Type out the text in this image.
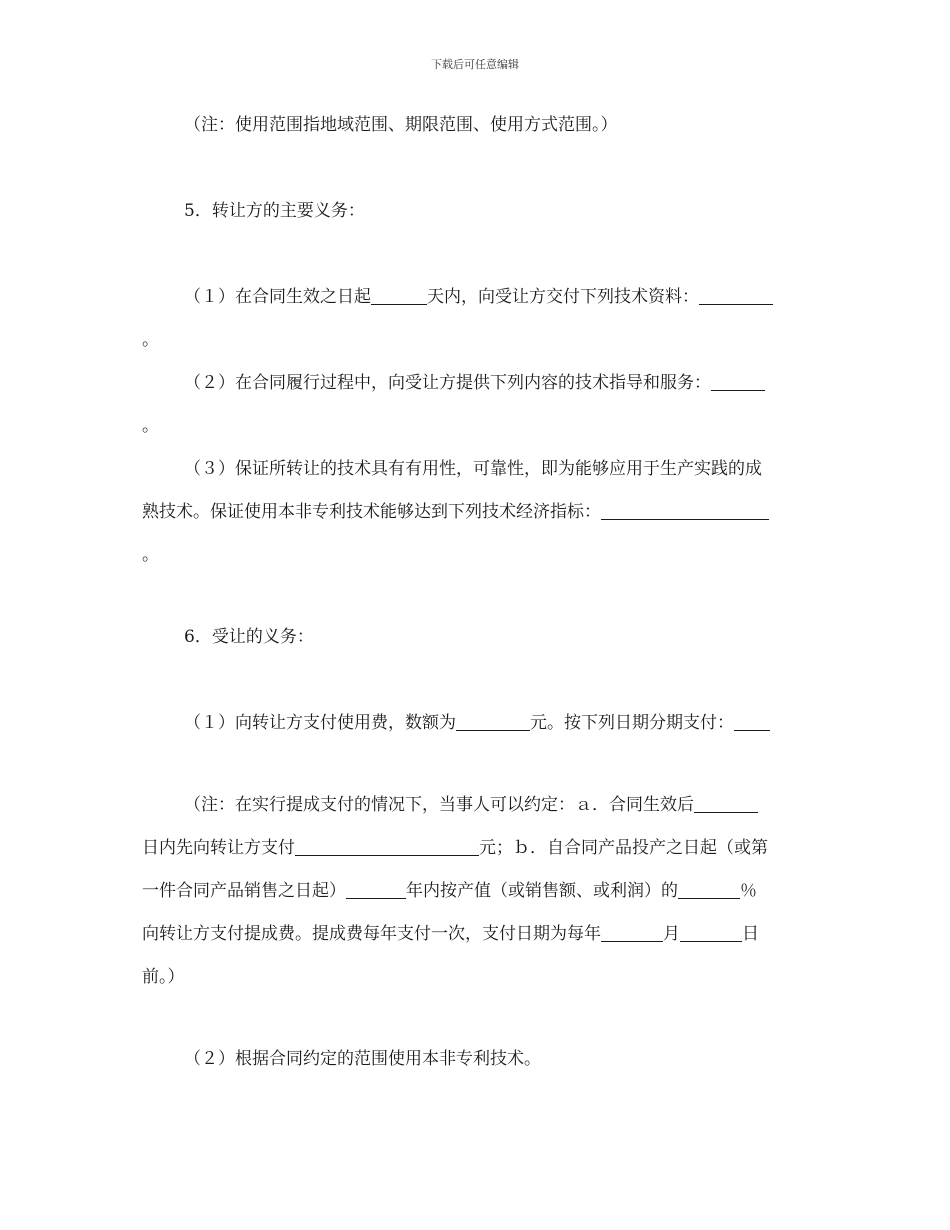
下载后可任意编辑
（注：使用范围指地域范围、期限范围、使用方式范围。）
5．转让方的主要义务：
（１）在合同生效之日起	天内，向受让方交付下列技术资料：
。
（２）在合同履行过程中，向受让方提供下列内容的技术指导和服务：
。
（３）保证所转让的技术具有有用性，可靠性，即为能够应用于生产实践的成
熟技术。保证使用本非专利技术能够达到下列技术经济指标：
。
6．受让的义务：
（１）向转让方支付使用费，数额为	元。按下列日期分期支付：
（注：在实行提成支付的情况下，当事人可以约定：ａ．合同生效后
日内先向转让方支付	元；ｂ．自合同产品投产之日起（或第
一件合同产品销售之日起）	年内按产值（或销售额、或利润）的	％
向转让方支付提成费。提成费每年支付一次，支付日期为每年	月	日
前。）
（２）根据合同约定的范围使用本非专利技术。
